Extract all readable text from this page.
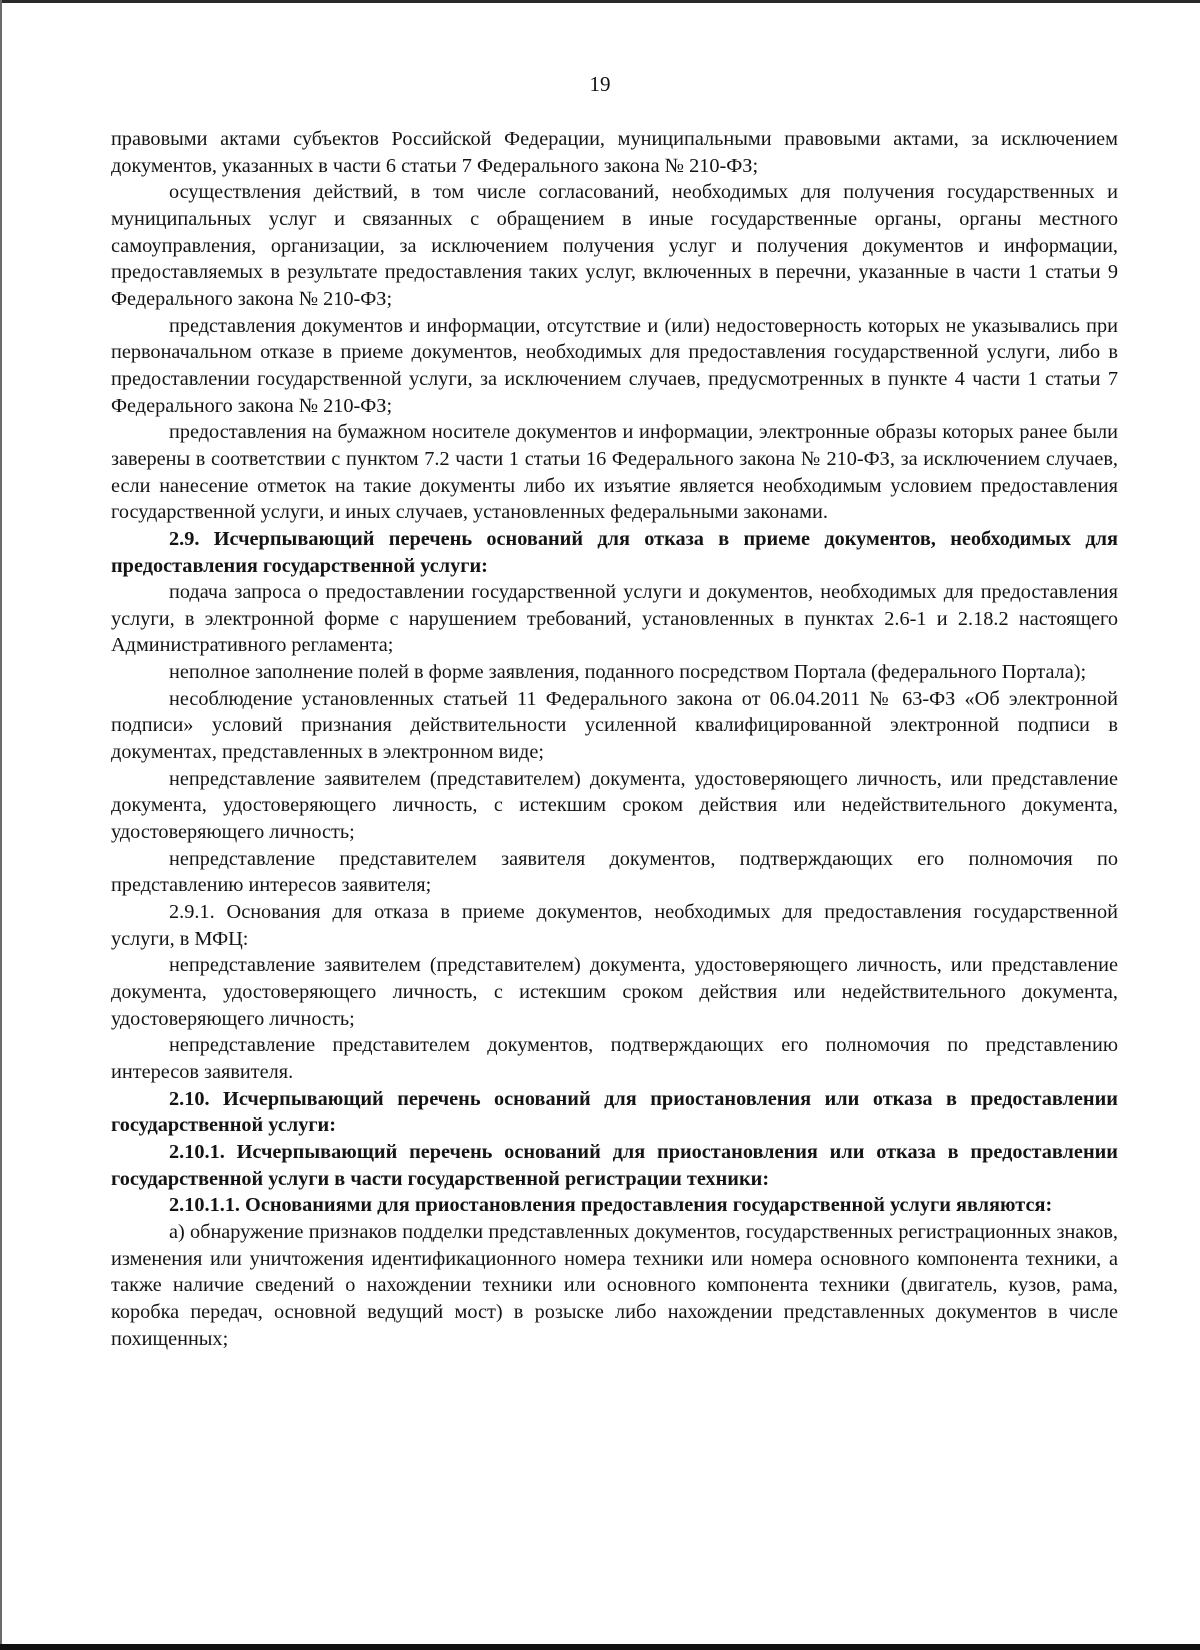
19

правовыми актами субъектов Российской Федерации, муниципальными правовыми актами, за исключением документов, указанных в части 6 статьи 7 Федерального закона № 210-ФЗ;

осуществления действий, в том числе согласований, необходимых для получения государственных и муниципальных услуг и связанных с обращением в иные государственные органы, органы местного самоуправления, организации, за исключением получения услуг и получения документов и информации, предоставляемых в результате предоставления таких услуг, включенных в перечни, указанные в части 1 статьи 9 Федерального закона № 210-ФЗ;

представления документов и информации, отсутствие и (или) недостоверность которых не указывались при первоначальном отказе в приеме документов, необходимых для предоставления государственной услуги, либо в предоставлении государственной услуги, за исключением случаев, предусмотренных в пункте 4 части 1 статьи 7 Федерального закона № 210-ФЗ;

предоставления на бумажном носителе документов и информации, электронные образы которых ранее были заверены в соответствии с пунктом 7.2 части 1 статьи 16 Федерального закона № 210-ФЗ, за исключением случаев, если нанесение отметок на такие документы либо их изъятие является необходимым условием предоставления государственной услуги, и иных случаев, установленных федеральными законами.

2.9. Исчерпывающий перечень оснований для отказа в приеме документов, необходимых для предоставления государственной услуги:

подача запроса о предоставлении государственной услуги и документов, необходимых для предоставления услуги, в электронной форме с нарушением требований, установленных в пунктах 2.6-1 и 2.18.2 настоящего Административного регламента;

неполное заполнение полей в форме заявления, поданного посредством Портала (федерального Портала);

несоблюдение установленных статьей 11 Федерального закона от 06.04.2011 № 63-ФЗ «Об электронной подписи» условий признания действительности усиленной квалифицированной электронной подписи в документах, представленных в электронном виде;

непредставление заявителем (представителем) документа, удостоверяющего личность, или представление документа, удостоверяющего личность, с истекшим сроком действия или недействительного документа, удостоверяющего личность;

непредставление представителем заявителя документов, подтверждающих его полномочия по представлению интересов заявителя;

2.9.1. Основания для отказа в приеме документов, необходимых для предоставления государственной услуги, в МФЦ:

непредставление заявителем (представителем) документа, удостоверяющего личность, или представление документа, удостоверяющего личность, с истекшим сроком действия или недействительного документа, удостоверяющего личность;

непредставление представителем документов, подтверждающих его полномочия по представлению интересов заявителя.

2.10. Исчерпывающий перечень оснований для приостановления или отказа в предоставлении государственной услуги:

2.10.1. Исчерпывающий перечень оснований для приостановления или отказа в предоставлении государственной услуги в части государственной регистрации техники:

2.10.1.1. Основаниями для приостановления предоставления государственной услуги являются:

а) обнаружение признаков подделки представленных документов, государственных регистрационных знаков, изменения или уничтожения идентификационного номера техники или номера основного компонента техники, а также наличие сведений о нахождении техники или основного компонента техники (двигатель, кузов, рама, коробка передач, основной ведущий мост) в розыске либо нахождении представленных документов в числе похищенных;
